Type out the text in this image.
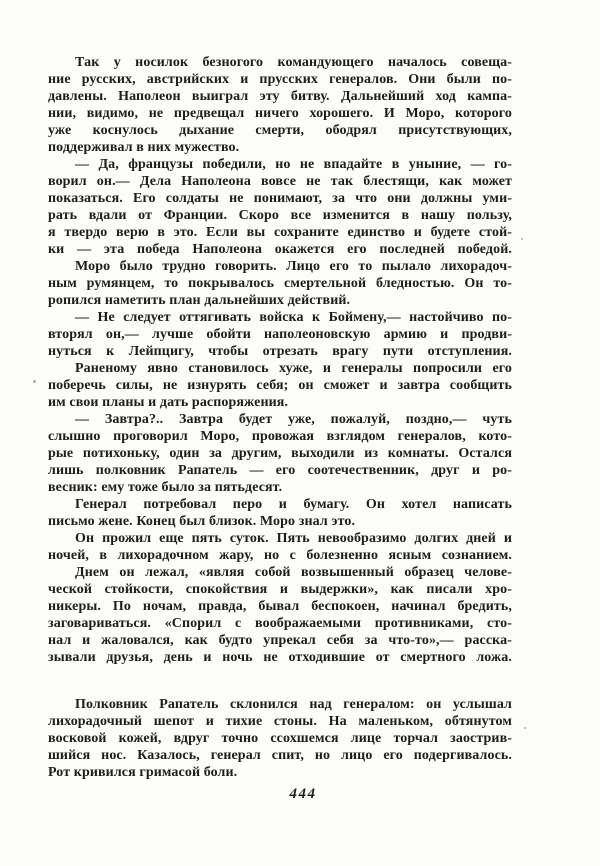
Так у носилок безногого командующего началось совеща-
ние русских, австрийских и прусских генералов. Они были по-
давлены. Наполеон выиграл эту битву. Дальнейший ход кампа-
нии, видимо, не предвещал ничего хорошего. И Моро, которого
уже коснулось дыхание смерти, ободрял присутствующих,
поддерживал в них мужество.
— Да, французы победили, но не впадайте в уныние, — го-
ворил он.— Дела Наполеона вовсе не так блестящи, как может
показаться. Его солдаты не понимают, за что они должны уми-
рать вдали от Франции. Скоро все изменится в нашу пользу,
я твердо верю в это. Если вы сохраните единство и будете стой-
ки — эта победа Наполеона окажется его последней победой.
Моро было трудно говорить. Лицо его то пылало лихорадоч-
ным румянцем, то покрывалось смертельной бледностью. Он то-
ропился наметить план дальнейших действий.
— Не следует оттягивать войска к Боймену,— настойчиво по-
вторял он,— лучше обойти наполеоновскую армию и продви-
нуться к Лейпцигу, чтобы отрезать врагу пути отступления.
Раненому явно становилось хуже, и генералы попросили его
поберечь силы, не изнурять себя; он сможет и завтра сообщить
им свои планы и дать распоряжения.
— Завтра?.. Завтра будет уже, пожалуй, поздно,— чуть
слышно проговорил Моро, провожая взглядом генералов, кото-
рые потихоньку, один за другим, выходили из комнаты. Остался
лишь полковник Рапатель — его соотечественник, друг и ро-
весник: ему тоже было за пятьдесят.
Генерал потребовал перо и бумагу. Он хотел написать
письмо жене. Конец был близок. Моро знал это.
Он прожил еще пять суток. Пять невообразимо долгих дней и
ночей, в лихорадочном жару, но с болезненно ясным сознанием.
Днем он лежал, «являя собой возвышенный образец челове-
ческой стойкости, спокойствия и выдержки», как писали хро-
никеры. По ночам, правда, бывал беспокоен, начинал бредить,
заговариваться. «Спорил с воображаемыми противниками, сто-
нал и жаловался, как будто упрекал себя за что-то»,— расска-
зывали друзья, день и ночь не отходившие от смертного ложа.
Полковник Рапатель склонился над генералом: он услышал
лихорадочный шепот и тихие стоны. На маленьком, обтянутом
восковой кожей, вдруг точно ссохшемся лице торчал заострив-
шийся нос. Казалось, генерал спит, но лицо его подергивалось.
Рот кривился гримасой боли.
444
